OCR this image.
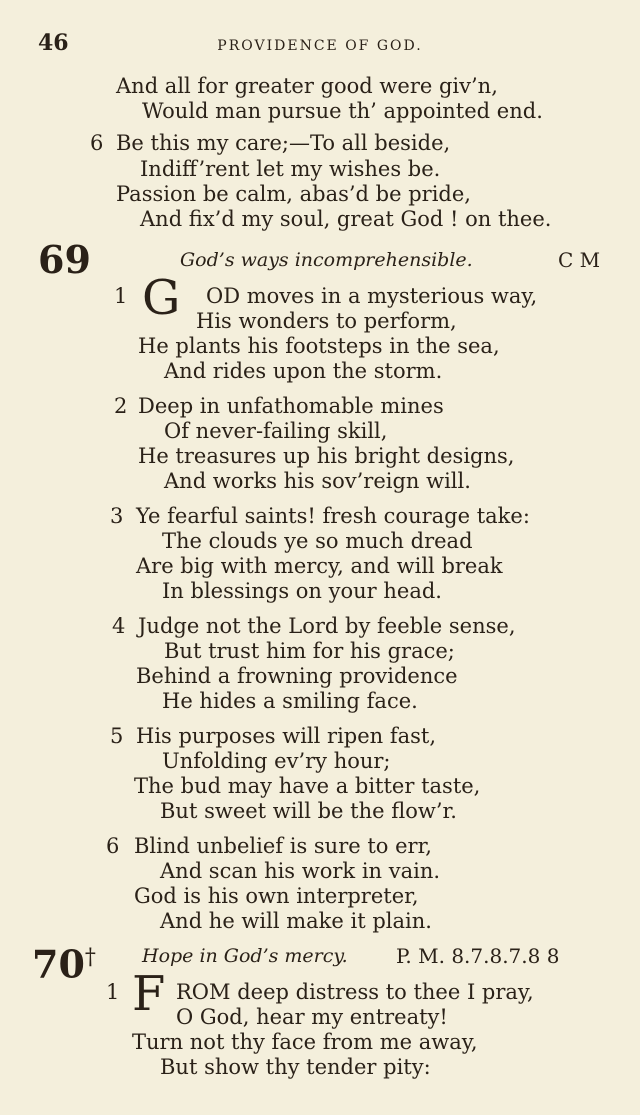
46	PROVIDENCE OF GOD.
And all for greater good were giv’n,
Would man pursue th’ appointed end.
6 Be this my care;—To all beside,
Indiff’rent let my wishes be.
Passion be calm, abas’d be pride,
And fix’d my soul, great God ! on thee.
69	God’s ways incomprehensible.	C M
1 G OD moves in a mysterious way,
His wonders to perform,
He plants his footsteps in the sea,
And rides upon the storm.
2 Deep in unfathomable mines
Of never-failing skill,
He treasures up his bright designs,
And works his sov’reign will.
3 Ye fearful saints! fresh courage take:
The clouds ye so much dread
Are big with mercy, and will break
In blessings on your head.
4 Judge not the Lord by feeble sense,
But trust him for his grace;
Behind a frowning providence
He hides a smiling face.
5 His purposes will ripen fast,
Unfolding ev’ry hour;
The bud may have a bitter taste,
But sweet will be the flow’r.
6 Blind unbelief is sure to err,
And scan his work in vain.
God is his own interpreter,
And he will make it plain.
70† Hope in God’s mercy. P. M. 8.7.8.7.8 8
1 F ROM deep distress to thee I pray,
O God, hear my entreaty!
Turn not thy face from me away,
But show thy tender pity:
